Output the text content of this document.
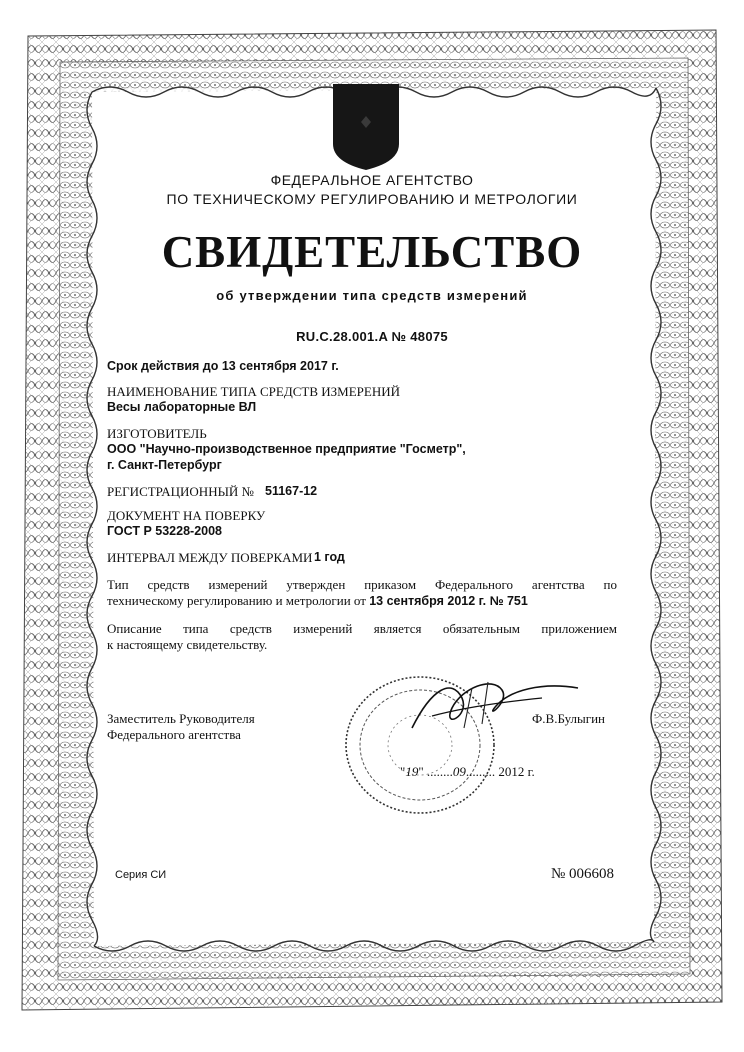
ФЕДЕРАЛЬНОЕ АГЕНТСТВО
ПО ТЕХНИЧЕСКОМУ РЕГУЛИРОВАНИЮ И МЕТРОЛОГИИ
СВИДЕТЕЛЬСТВО
об утверждении типа средств измерений
RU.C.28.001.A № 48075
Срок действия до 13 сентября 2017 г.
НАИМЕНОВАНИЕ ТИПА СРЕДСТВ ИЗМЕРЕНИЙ
Весы лабораторные ВЛ
ИЗГОТОВИТЕЛЬ
ООО "Научно-производственное предприятие "Госметр",
г. Санкт-Петербург
РЕГИСТРАЦИОННЫЙ № 51167-12
ДОКУМЕНТ НА ПОВЕРКУ
ГОСТ Р 53228-2008
ИНТЕРВАЛ МЕЖДУ ПОВЕРКАМИ 1 год
Тип средств измерений утвержден приказом Федерального агентства по
техническому регулированию и метрологии от 13 сентября 2012 г. № 751
Описание типа средств измерений является обязательным приложением
к настоящему свидетельству.
Заместитель Руководителя
Федерального агентства
Ф.В.Булыгин
"19" ........09......... 2012 г.
Серия СИ	№ 006608
